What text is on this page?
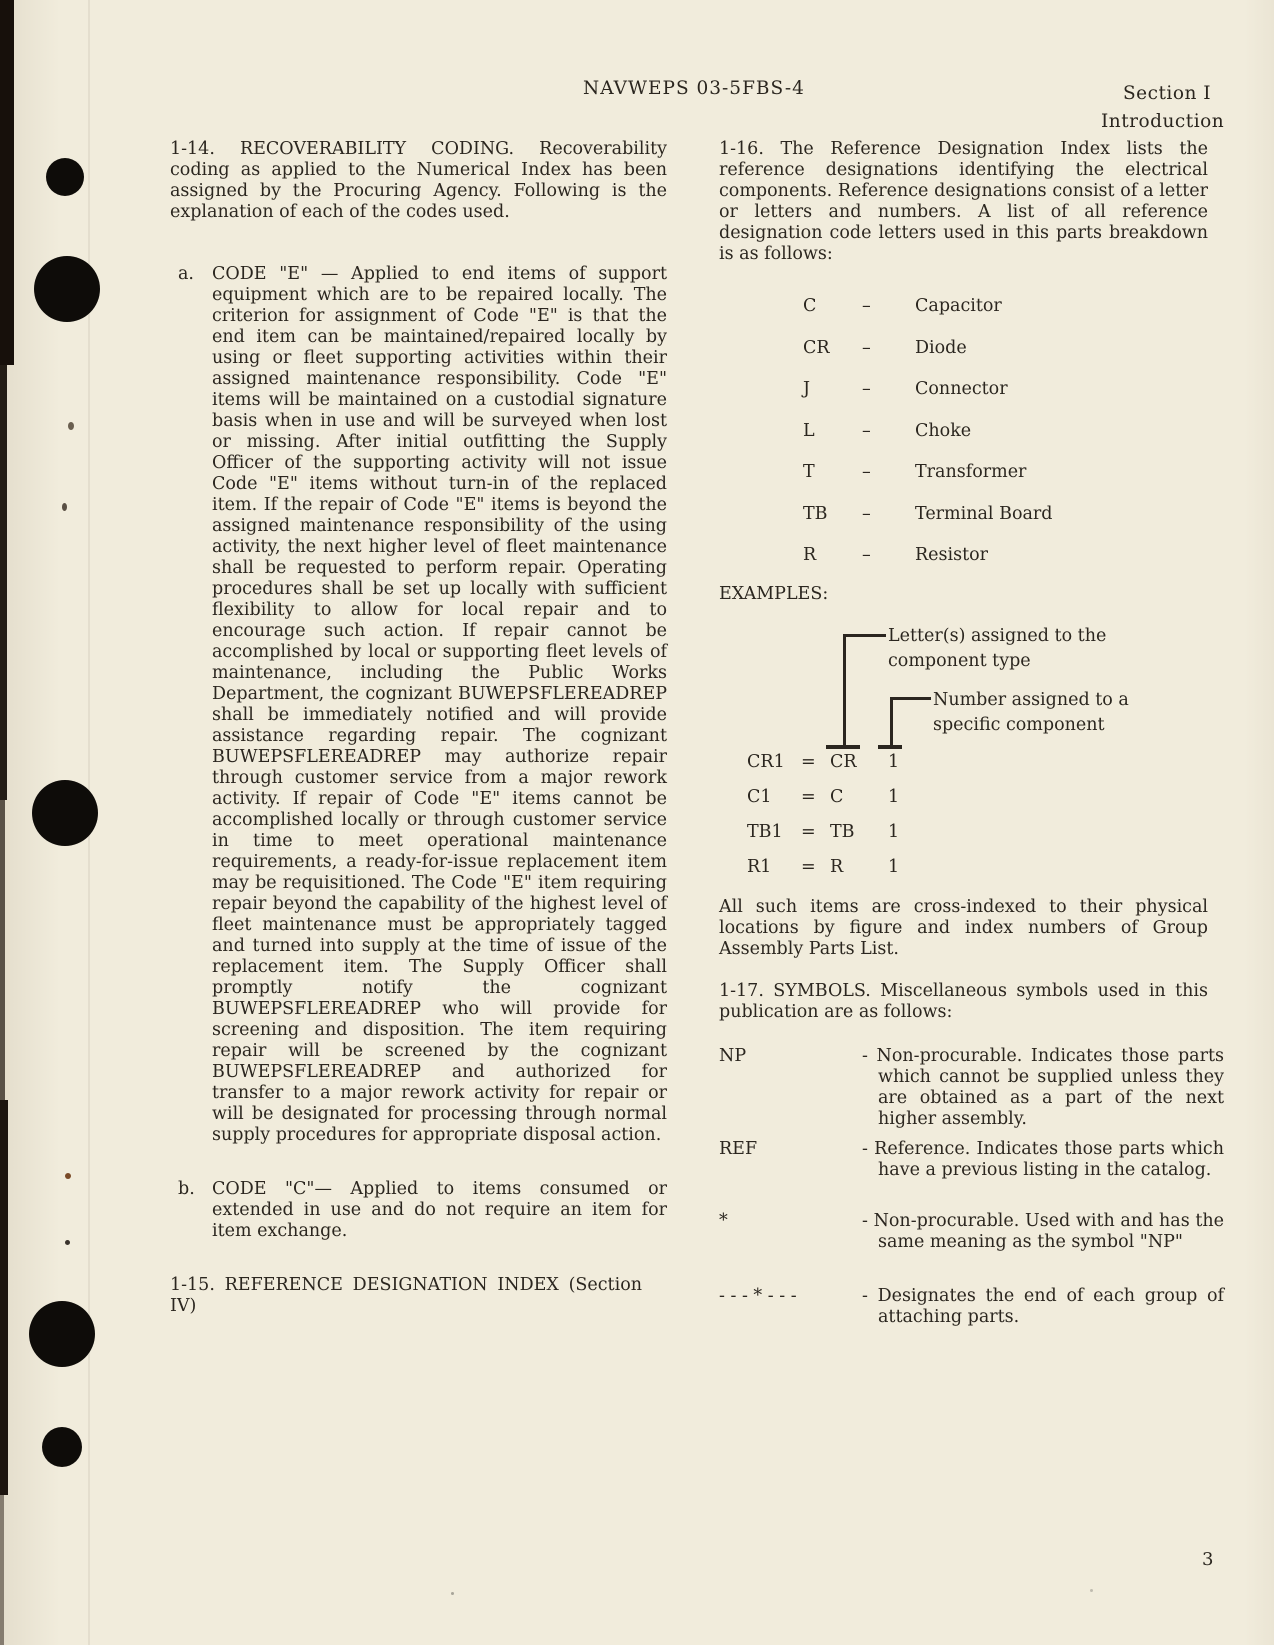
NAVWEPS 03-5FBS-4	Section I
Introduction
1-14. RECOVERABILITY CODING. Recoverability coding as applied to the Numerical Index has been assigned by the Procuring Agency. Following is the explanation of each of the codes used.
a. CODE "E" — Applied to end items of support equipment which are to be repaired locally. The criterion for assignment of Code "E" is that the end item can be maintained/repaired locally by using or fleet supporting activities within their assigned maintenance responsibility. Code "E" items will be maintained on a custodial signature basis when in use and will be surveyed when lost or missing. After initial outfitting the Supply Officer of the supporting activity will not issue Code "E" items without turn-in of the replaced item. If the repair of Code "E" items is beyond the assigned maintenance responsibility of the using activity, the next higher level of fleet maintenance shall be requested to perform repair. Operating procedures shall be set up locally with sufficient flexibility to allow for local repair and to encourage such action. If repair cannot be accomplished by local or supporting fleet levels of maintenance, including the Public Works Department, the cognizant BUWEPSFLEREADREP shall be immediately notified and will provide assistance regarding repair. The cognizant BUWEPSFLEREADREP may authorize repair through customer service from a major rework activity. If repair of Code "E" items cannot be accomplished locally or through customer service in time to meet operational maintenance requirements, a ready-for-issue replacement item may be requisitioned. The Code "E" item requiring repair beyond the capability of the highest level of fleet maintenance must be appropriately tagged and turned into supply at the time of issue of the replacement item. The Supply Officer shall promptly notify the cognizant BUWEPSFLEREADREP who will provide for screening and disposition. The item requiring repair will be screened by the cognizant BUWEPSFLEREADREP and authorized for transfer to a major rework activity for repair or will be designated for processing through normal supply procedures for appropriate disposal action.
b. CODE "C"— Applied to items consumed or extended in use and do not require an item for item exchange.
1-15. REFERENCE DESIGNATION INDEX (Section IV)
1-16. The Reference Designation Index lists the reference designations identifying the electrical components. Reference designations consist of a letter or letters and numbers. A list of all reference designation code letters used in this parts breakdown is as follows:
C	–	Capacitor
CR	–	Diode
J	–	Connector
L	–	Choke
T	–	Transformer
TB	–	Terminal Board
R	–	Resistor
EXAMPLES:
Letter(s) assigned to the component type
Number assigned to a specific component
CR1 = CR	1
C1	= C	1
TB1	= TB	1
R1	= R	1
All such items are cross-indexed to their physical locations by figure and index numbers of Group Assembly Parts List.
1-17. SYMBOLS. Miscellaneous symbols used in this publication are as follows:
NP	- Non-procurable. Indicates those parts which cannot be supplied unless they are obtained as a part of the next higher assembly.
REF	- Reference. Indicates those parts which have a previous listing in the catalog.
*	- Non-procurable. Used with and has the same meaning as the symbol "NP"
- - - * - - -	- Designates the end of each group of attaching parts.
3
